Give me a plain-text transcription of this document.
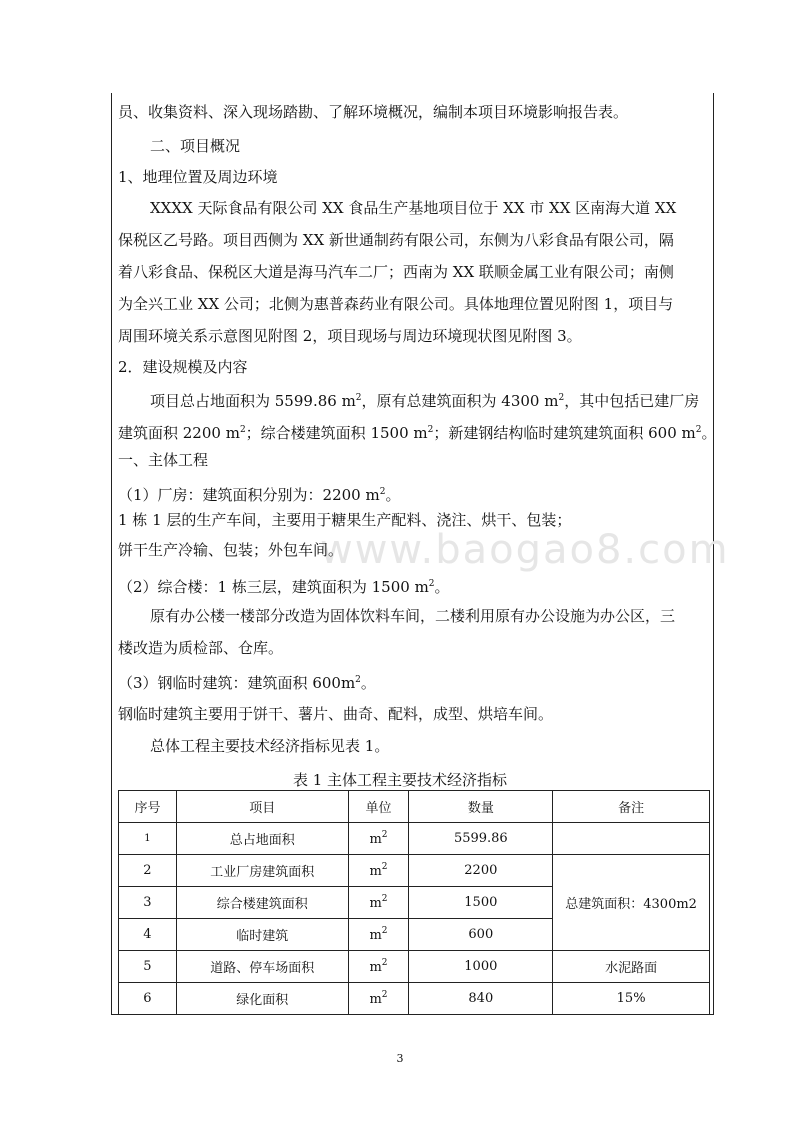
www.baogao8.com
员、收集资料、深入现场踏勘、了解环境概况，编制本项目环境影响报告表。
二、项目概况
1、地理位置及周边环境
XXXX 天际食品有限公司 XX 食品生产基地项目位于 XX 市 XX 区南海大道 XX
保税区乙号路。项目西侧为 XX 新世通制药有限公司，东侧为八彩食品有限公司，隔
着八彩食品、保税区大道是海马汽车二厂；西南为 XX 联顺金属工业有限公司；南侧
为全兴工业 XX 公司；北侧为惠普森药业有限公司。具体地理位置见附图 1，项目与
周围环境关系示意图见附图 2，项目现场与周边环境现状图见附图 3。
2．建设规模及内容
项目总占地面积为 5599.86 $m^2$，原有总建筑面积为 4300 $m^2$，其中包括已建厂房
建筑面积 2200 $m^2$；综合楼建筑面积 1500 $m^2$；新建钢结构临时建筑建筑面积 600 $m^2$。
一、主体工程
（1）厂房：建筑面积分别为：2200 $m^2$。
1 栋 1 层的生产车间，主要用于糖果生产配料、浇注、烘干、包装；
饼干生产冷输、包装；外包车间。
（2）综合楼：1 栋三层，建筑面积为 1500 $m^2$。
原有办公楼一楼部分改造为固体饮料车间，二楼利用原有办公设施为办公区，三
楼改造为质检部、仓库。
（3）钢临时建筑：建筑面积 $600m^2$。
钢临时建筑主要用于饼干、薯片、曲奇、配料，成型、烘培车间。
总体工程主要技术经济指标见表 1。
表 1 主体工程主要技术经济指标
序号	项目	单位	数量	备注
1	总占地面积	$m^2$	5599.86	
2	工业厂房建筑面积	$m^2$	2200	总建筑面积：4300m2
3	综合楼建筑面积	$m^2$	1500	
4	临时建筑	$m^2$	600	
5	道路、停车场面积	$m^2$	1000	水泥路面
6	绿化面积	$m^2$	840	15%
3
